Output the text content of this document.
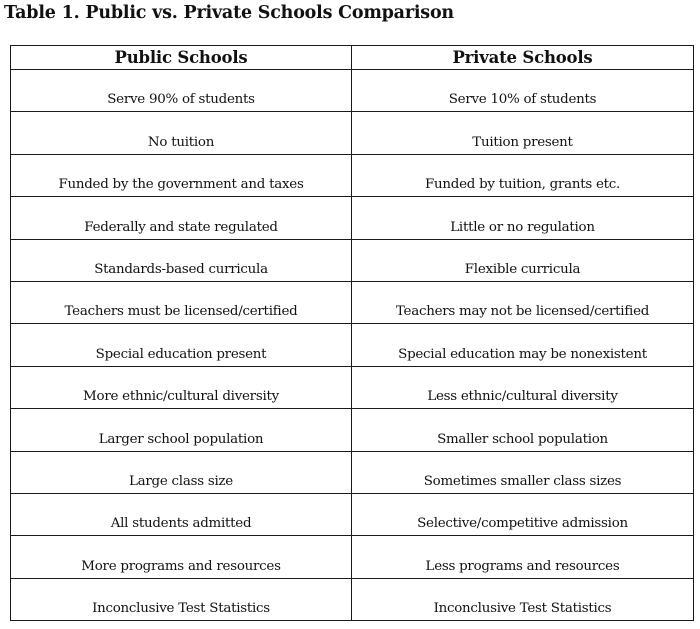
Table 1. Public vs. Private Schools Comparison
Public Schools	Private Schools
Serve 90% of students	Serve 10% of students
No tuition	Tuition present
Funded by the government and taxes	Funded by tuition, grants etc.
Federally and state regulated	Little or no regulation
Standards-based curricula	Flexible curricula
Teachers must be licensed/certified	Teachers may not be licensed/certified
Special education present	Special education may be nonexistent
More ethnic/cultural diversity	Less ethnic/cultural diversity
Larger school population	Smaller school population
Large class size	Sometimes smaller class sizes
All students admitted	Selective/competitive admission
More programs and resources	Less programs and resources
Inconclusive Test Statistics	Inconclusive Test Statistics
